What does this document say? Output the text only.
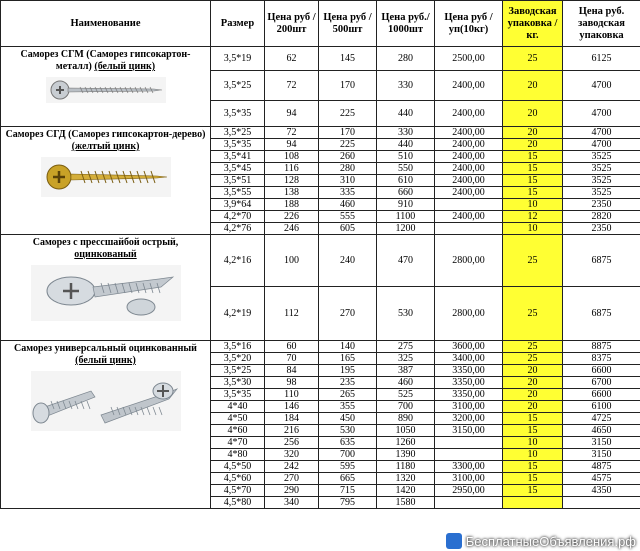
Наименование	Размер	Цена руб / 200шт	Цена руб / 500шт	Цена руб./ 1000шт	Цена руб / уп(10кг)	Заводская упаковка / кг.	Цена руб. заводская упаковка
Саморез СГМ (Саморез гипсокартон-металл) (белый цинк)	3,5*19	62	145	280	2500,00	25	6125
	3,5*25	72	170	330	2400,00	20	4700
	3,5*35	94	225	440	2400,00	20	4700
Саморез СГД (Саморез гипсокартон-дерево) (желтый цинк)	3,5*25	72	170	330	2400,00	20	4700
	3,5*35	94	225	440	2400,00	20	4700
	3,5*41	108	260	510	2400,00	15	3525
	3,5*45	116	280	550	2400,00	15	3525
	3,5*51	128	310	610	2400,00	15	3525
	3,5*55	138	335	660	2400,00	15	3525
	3,9*64	188	460	910		10	2350
	4,2*70	226	555	1100	2400,00	12	2820
	4,2*76	246	605	1200		10	2350
Саморез с прессшайбой острый, оцинкованый	4,2*16	100	240	470	2800,00	25	6875
	4,2*19	112	270	530	2800,00	25	6875
Саморез универсальный оцинкованный (белый цинк)	3,5*16	60	140	275	3600,00	25	8875
	3,5*20	70	165	325	3400,00	25	8375
	3,5*25	84	195	387	3350,00	20	6600
	3,5*30	98	235	460	3350,00	20	6700
	3,5*35	110	265	525	3350,00	20	6600
	4*40	146	355	700	3100,00	20	6100
	4*50	184	450	890	3200,00	15	4725
	4*60	216	530	1050	3150,00	15	4650
	4*70	256	635	1260		10	3150
	4*80	320	700	1390		10	3150
	4,5*50	242	595	1180	3300,00	15	4875
	4,5*60	270	665	1320	3100,00	15	4575
	4,5*70	290	715	1420	2950,00	15	4350
	4,5*80	340	795	1580			
БесплатныеОбъявления.рф
